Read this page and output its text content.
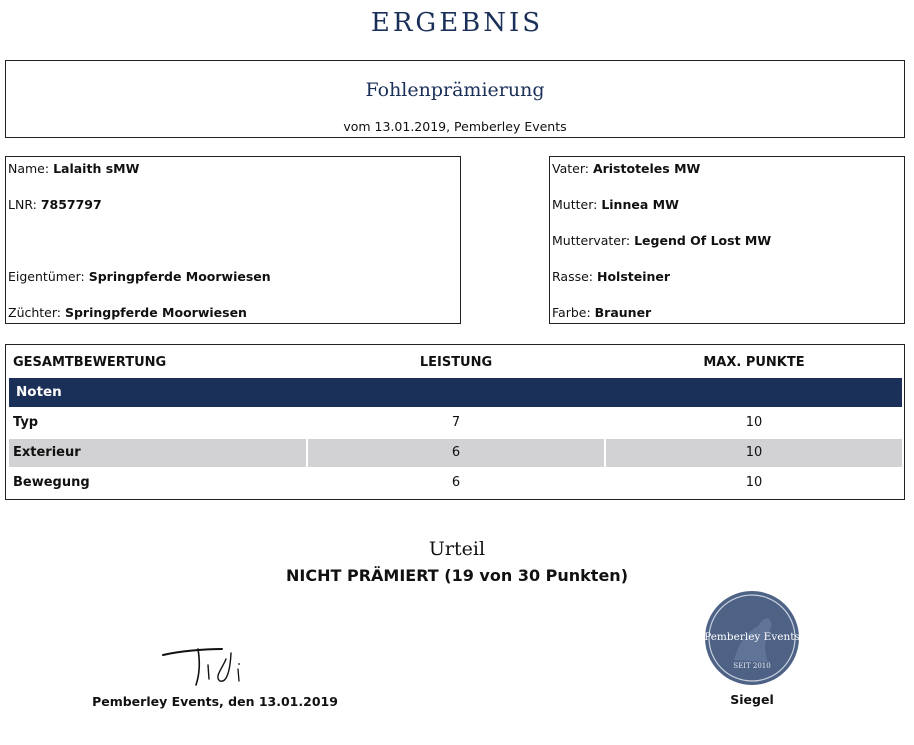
ERGEBNIS
Fohlenprämierung
vom 13.01.2019, Pemberley Events
Name: Lalaith sMW
LNR: 7857797
Eigentümer: Springpferde Moorwiesen
Züchter: Springpferde Moorwiesen
Vater: Aristoteles MW
Mutter: Linnea MW
Muttervater: Legend Of Lost MW
Rasse: Holsteiner
Farbe: Brauner
GESAMTBEWERTUNG	LEISTUNG	MAX. PUNKTE
Noten
Typ	7	10
Exterieur	6	10
Bewegung	6	10
Urteil
NICHT PRÄMIERT (19 von 30 Punkten)
Pemberley Events, den 13.01.2019
Pemberley Events
SEIT 2010
Siegel
